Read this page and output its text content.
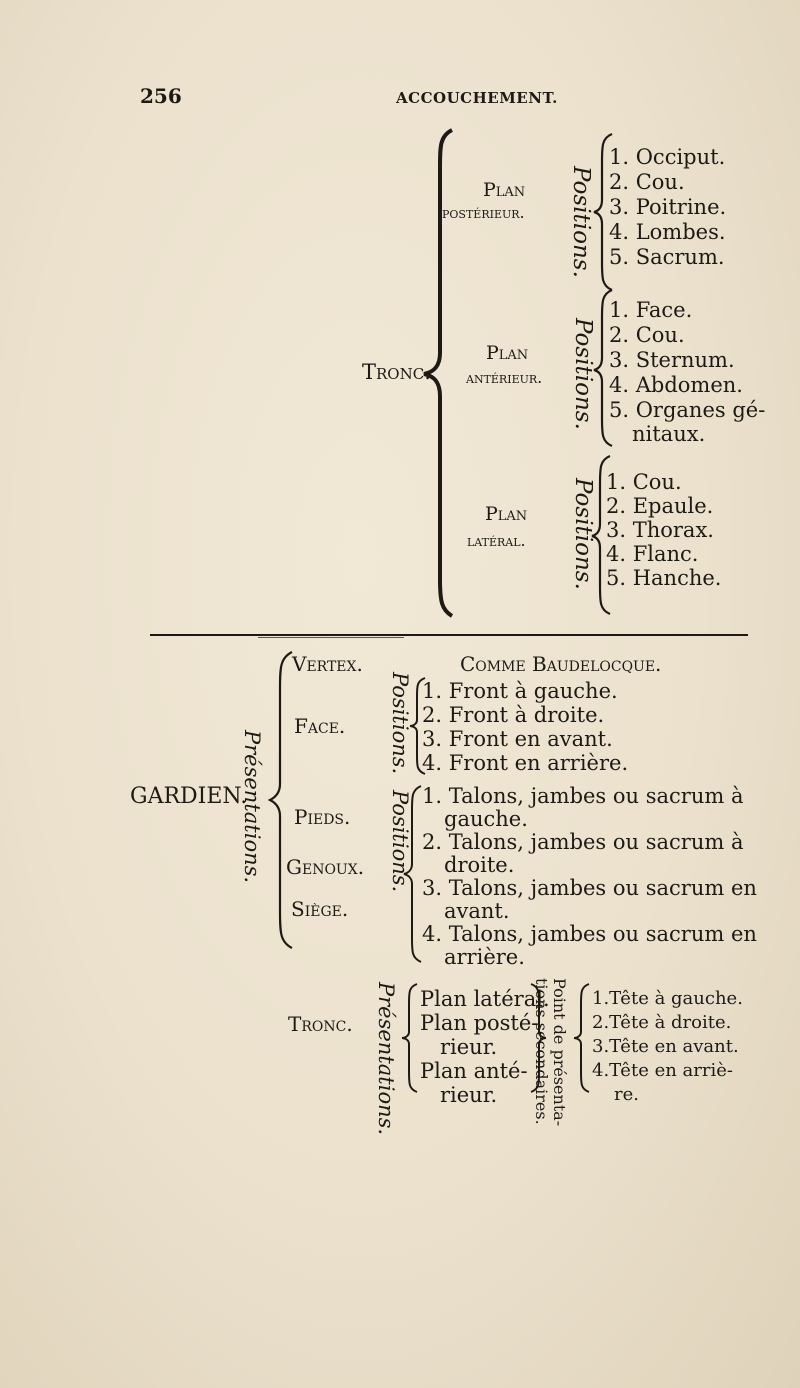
256	ACCOUCHEMENT.
Tronc.
Plan
postérieur. Positions.
1. Occiput.
2. Cou.
3. Poitrine.
4. Lombes.
5. Sacrum.
Plan
antérieur. Positions.
1. Face.
2. Cou.
3. Sternum.
4. Abdomen.
5. Organes gé-
nitaux.
Plan
latéral. Positions. 1. Cou.
2. Epaule.
3. Thorax.
4. Flanc.
5. Hanche.
GARDIEN.
Présentations.
Vertex.	Comme Baudelocque.
Face. Positions. 1. Front à gauche.
2. Front à droite.
3. Front en avant.
4. Front en arrière.
Pieds.
Genoux.
Siège.
Positions. 1. Talons, jambes ou sacrum à
gauche.
2. Talons, jambes ou sacrum à
droite.
3. Talons, jambes ou sacrum en
avant.
4. Talons, jambes ou sacrum en
arrière.
Tronc. Présentations. Plan latéral.
Plan posté-
rieur.
Plan anté-
rieur.	Point de présenta-
tions secondaires. 1.Tête à gauche.
2.Tête à droite.
3.Tête en avant.
4.Tête en arriè-
re.
